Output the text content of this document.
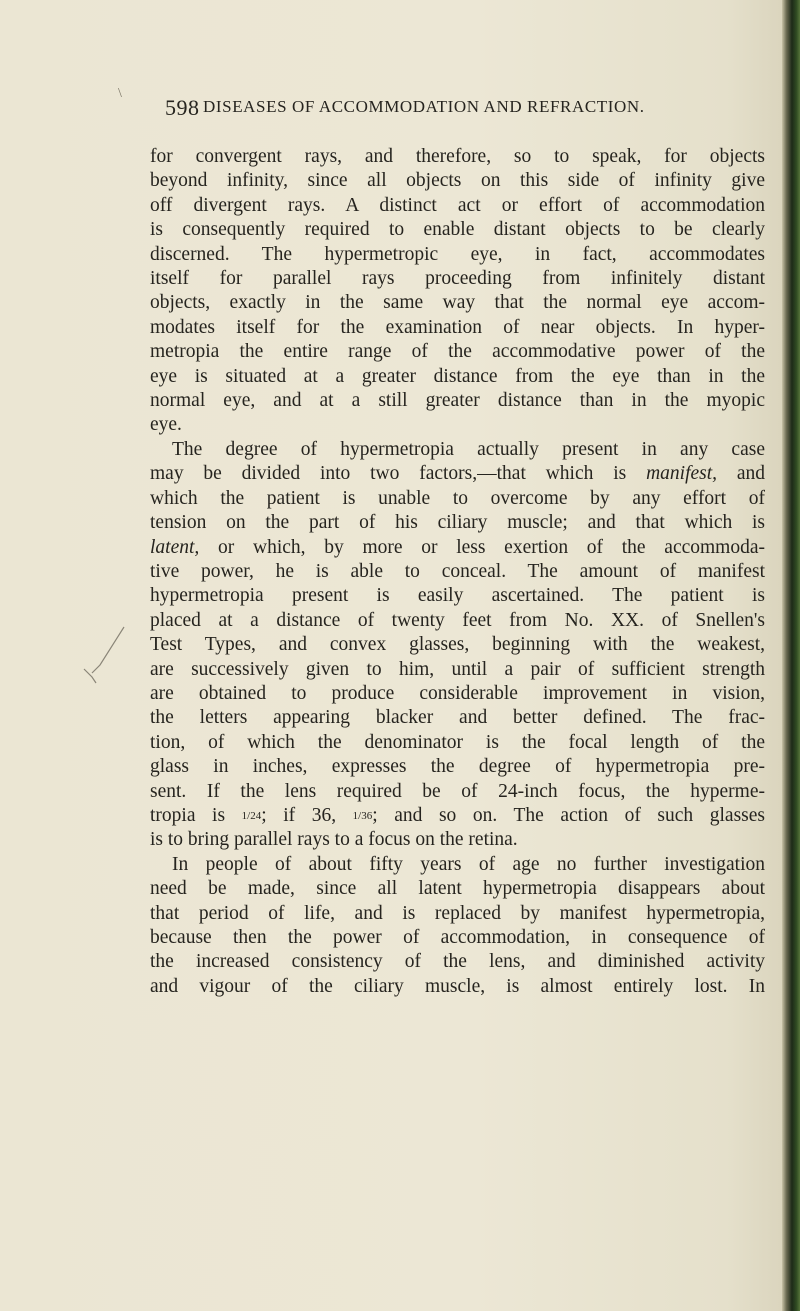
\
598 DISEASES OF ACCOMMODATION AND REFRACTION.
for convergent rays, and therefore, so to speak, for objects
beyond infinity, since all objects on this side of infinity give
off divergent rays. A distinct act or effort of accommodation
is consequently required to enable distant objects to be clearly
discerned. The hypermetropic eye, in fact, accommodates
itself for parallel rays proceeding from infinitely distant
objects, exactly in the same way that the normal eye accom-
modates itself for the examination of near objects. In hyper-
metropia the entire range of the accommodative power of the
eye is situated at a greater distance from the eye than in the
normal eye, and at a still greater distance than in the myopic
eye.
The degree of hypermetropia actually present in any case
may be divided into two factors,—that which is manifest, and
which the patient is unable to overcome by any effort of
tension on the part of his ciliary muscle; and that which is
latent, or which, by more or less exertion of the accommoda-
tive power, he is able to conceal. The amount of manifest
hypermetropia present is easily ascertained. The patient is
placed at a distance of twenty feet from No. XX. of Snellen's
Test Types, and convex glasses, beginning with the weakest,
are successively given to him, until a pair of sufficient strength
are obtained to produce considerable improvement in vision,
the letters appearing blacker and better defined. The frac-
tion, of which the denominator is the focal length of the
glass in inches, expresses the degree of hypermetropia pre-
sent. If the lens required be of 24-inch focus, the hyperme-
tropia is 1/24; if 36, 1/36; and so on. The action of such glasses
is to bring parallel rays to a focus on the retina.
In people of about fifty years of age no further investigation
need be made, since all latent hypermetropia disappears about
that period of life, and is replaced by manifest hypermetropia,
because then the power of accommodation, in consequence of
the increased consistency of the lens, and diminished activity
and vigour of the ciliary muscle, is almost entirely lost. In
